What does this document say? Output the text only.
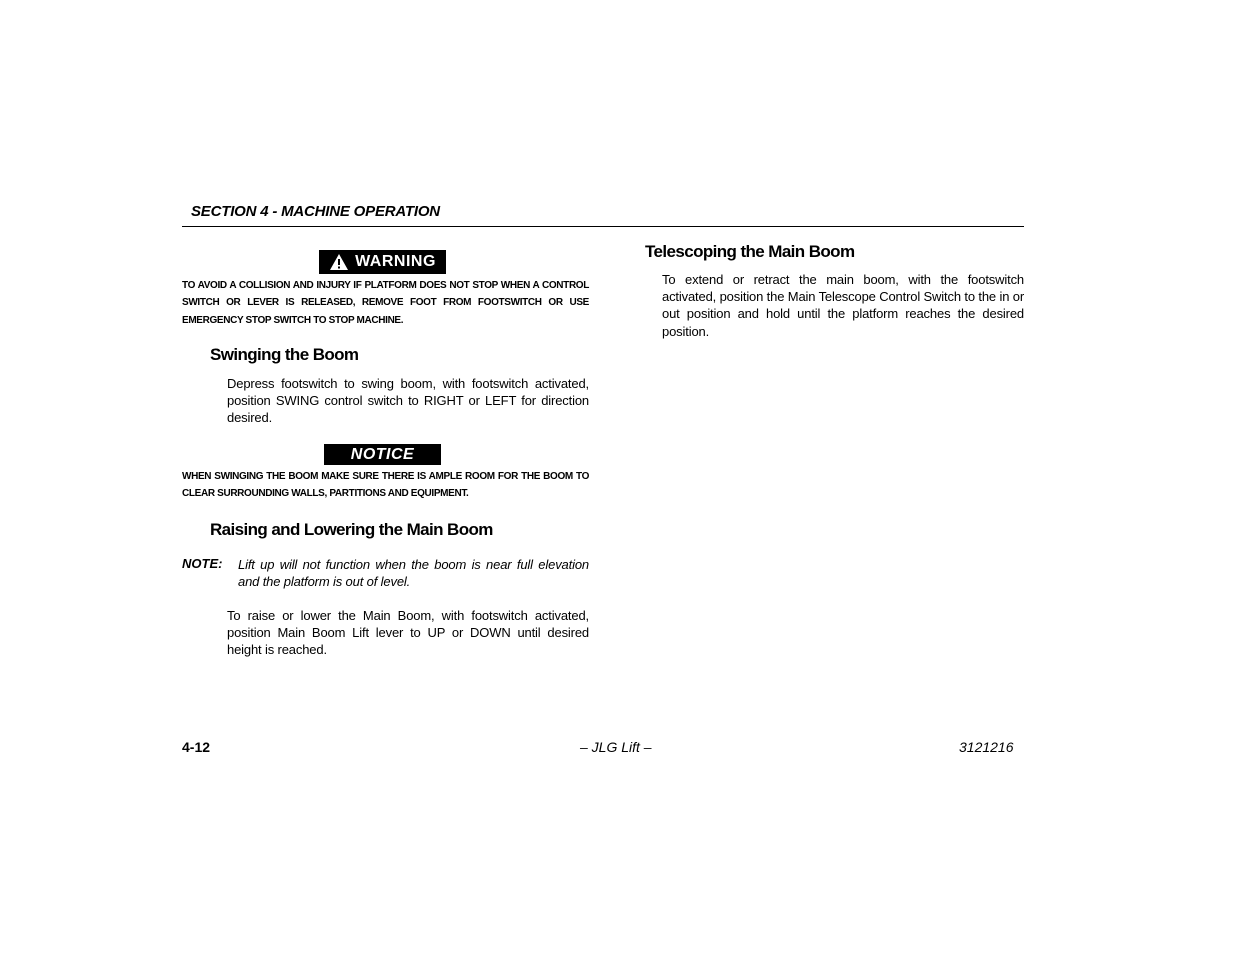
SECTION 4 - MACHINE OPERATION
WARNING
TO AVOID A COLLISION AND INJURY IF PLATFORM DOES NOT STOP WHEN A CONTROL SWITCH OR LEVER IS RELEASED, REMOVE FOOT FROM FOOTSWITCH OR USE EMERGENCY STOP SWITCH TO STOP MACHINE.
Swinging the Boom
Depress footswitch to swing boom, with footswitch activated, position SWING control switch to RIGHT or LEFT for direction desired.
NOTICE
WHEN SWINGING THE BOOM MAKE SURE THERE IS AMPLE ROOM FOR THE BOOM TO CLEAR SURROUNDING WALLS, PARTITIONS AND EQUIPMENT.
Raising and Lowering the Main Boom
NOTE: Lift up will not function when the boom is near full elevation and the platform is out of level.
To raise or lower the Main Boom, with footswitch activated, position Main Boom Lift lever to UP or DOWN until desired height is reached.
Telescoping the Main Boom
To extend or retract the main boom, with the footswitch activated, position the Main Telescope Control Switch to the in or out position and hold until the platform reaches the desired position.
4-12	– JLG Lift –	3121216
